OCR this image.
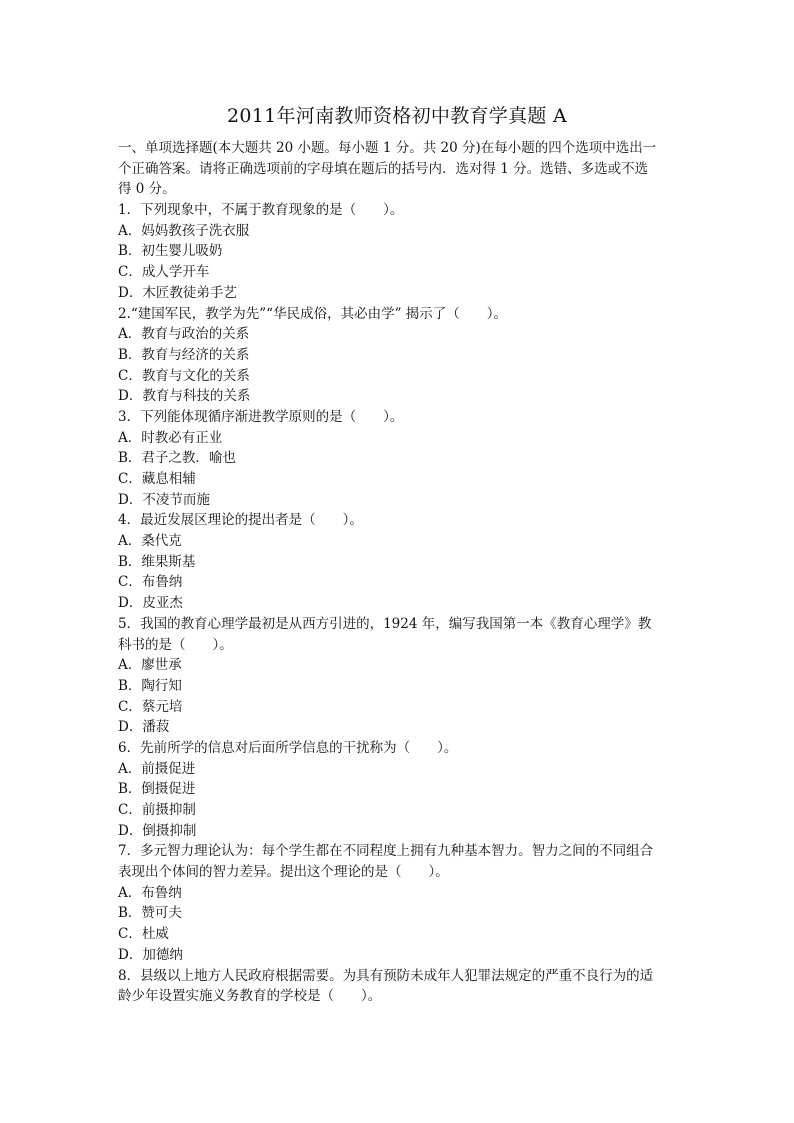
2011年河南教师资格初中教育学真题 A
一、单项选择题(本大题共 20 小题。每小题 1 分。共 20 分)在每小题的四个选项中选出一
个正确答案。请将正确选项前的字母填在题后的括号内．选对得 1 分。选错、多选或不选
得 0 分。
1．下列现象中，不属于教育现象的是（　　）。
A．妈妈教孩子洗衣服
B．初生婴儿吸奶
C．成人学开车
D．木匠教徒弟手艺
2.“建国军民，教学为先”“华民成俗，其必由学” 揭示了（　　）。
A．教育与政治的关系
B．教育与经济的关系
C．教育与文化的关系
D．教育与科技的关系
3．下列能体现循序渐进教学原则的是（　　）。
A．时教必有正业
B．君子之教．喻也
C．藏息相辅
D．不凌节而施
4．最近发展区理论的提出者是（　　）。
A．桑代克
B．维果斯基
C．布鲁纳
D．皮亚杰
5．我国的教育心理学最初是从西方引进的，1924 年，编写我国第一本《教育心理学》教
科书的是（　　）。
A．廖世承
B．陶行知
C．蔡元培
D．潘菽
6．先前所学的信息对后面所学信息的干扰称为（　　）。
A．前摄促进
B．倒摄促进
C．前摄抑制
D．倒摄抑制
7．多元智力理论认为：每个学生都在不同程度上拥有九种基本智力。智力之间的不同组合
表现出个体间的智力差异。提出这个理论的是（　　）。
A．布鲁纳
B．赞可夫
C．杜威
D．加德纳
8．县级以上地方人民政府根据需要。为具有预防未成年人犯罪法规定的严重不良行为的适
龄少年设置实施义务教育的学校是（　　）。
